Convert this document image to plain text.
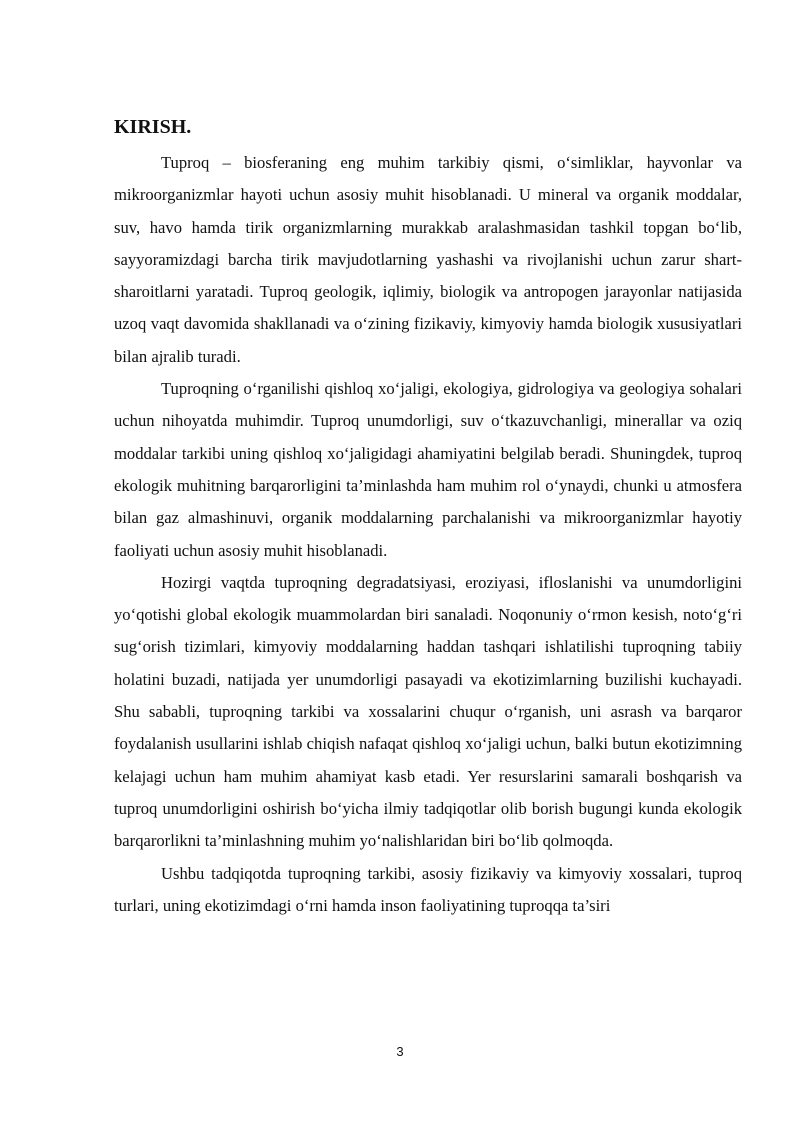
KIRISH.

Tuproq – biosferaning eng muhim tarkibiy qismi, o‘simliklar, hayvonlar va mikroorganizmlar hayoti uchun asosiy muhit hisoblanadi. U mineral va organik moddalar, suv, havo hamda tirik organizmlarning murakkab aralashmasidan tashkil topgan bo‘lib, sayyoramizdagi barcha tirik mavjudotlarning yashashi va rivojlanishi uchun zarur shart-sharoitlarni yaratadi. Tuproq geologik, iqlimiy, biologik va antropogen jarayonlar natijasida uzoq vaqt davomida shakllanadi va o‘zining fizikaviy, kimyoviy hamda biologik xususiyatlari bilan ajralib turadi.

Tuproqning o‘rganilishi qishloq xo‘jaligi, ekologiya, gidrologiya va geologiya sohalari uchun nihoyatda muhimdir. Tuproq unumdorligi, suv o‘tkazuvchanligi, minerallar va oziq moddalar tarkibi uning qishloq xo‘jaligidagi ahamiyatini belgilab beradi. Shuningdek, tuproq ekologik muhitning barqarorligini ta’minlashda ham muhim rol o‘ynaydi, chunki u atmosfera bilan gaz almashinuvi, organik moddalarning parchalanishi va mikroorganizmlar hayotiy faoliyati uchun asosiy muhit hisoblanadi.

Hozirgi vaqtda tuproqning degradatsiyasi, eroziyasi, ifloslanishi va unumdorligini yo‘qotishi global ekologik muammolardan biri sanaladi. Noqonuniy o‘rmon kesish, noto‘g‘ri sug‘orish tizimlari, kimyoviy moddalarning haddan tashqari ishlatilishi tuproqning tabiiy holatini buzadi, natijada yer unumdorligi pasayadi va ekotizimlarning buzilishi kuchayadi. Shu sababli, tuproqning tarkibi va xossalarini chuqur o‘rganish, uni asrash va barqaror foydalanish usullarini ishlab chiqish nafaqat qishloq xo‘jaligi uchun, balki butun ekotizimning kelajagi uchun ham muhim ahamiyat kasb etadi. Yer resurslarini samarali boshqarish va tuproq unumdorligini oshirish bo‘yicha ilmiy tadqiqotlar olib borish bugungi kunda ekologik barqarorlikni ta’minlashning muhim yo‘nalishlaridan biri bo‘lib qolmoqda.

Ushbu tadqiqotda tuproqning tarkibi, asosiy fizikaviy va kimyoviy xossalari, tuproq turlari, uning ekotizimdagi o‘rni hamda inson faoliyatining tuproqqa ta’siri

3
